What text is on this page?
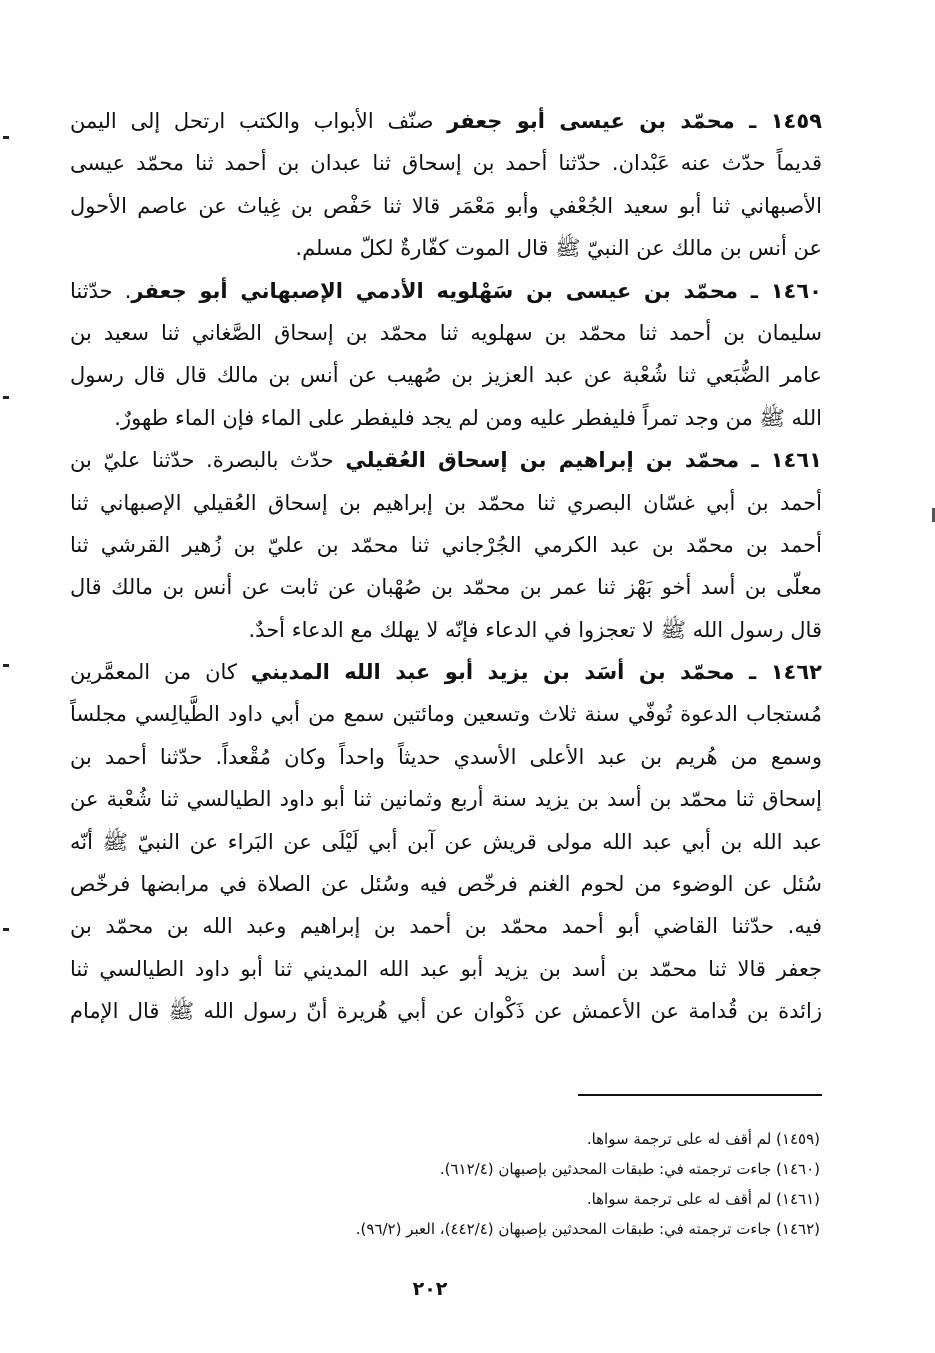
١٤٥٩ ـ محمّد بن عيسى أبو جعفر صنّف الأبواب والكتب ارتحل إلى اليمن
قديماً حدّث عنه عَبْدان. حدّثنا أحمد بن إسحاق ثنا عبدان بن أحمد ثنا محمّد عيسى
الأصبهاني ثنا أبو سعيد الجُعْفي وأبو مَعْمَر قالا ثنا حَفْص بن غِياث عن عاصم الأحول
عن أنس بن مالك عن النبيّ ﷺ قال الموت كفّارةٌ لكلّ مسلم.
١٤٦٠ ـ محمّد بن عيسى بن سَهْلويه الأدمي الإصبهاني أبو جعفر. حدّثنا
سليمان بن أحمد ثنا محمّد بن سهلويه ثنا محمّد بن إسحاق الصَّغاني ثنا سعيد بن
عامر الضُّبَعي ثنا شُعْبة عن عبد العزيز بن صُهيب عن أنس بن مالك قال قال رسول
الله ﷺ من وجد تمراً فليفطر عليه ومن لم يجد فليفطر على الماء فإن الماء طهورٌ.
١٤٦١ ـ محمّد بن إبراهيم بن إسحاق العُقيلي حدّث بالبصرة. حدّثنا عليّ بن
أحمد بن أبي غسّان البصري ثنا محمّد بن إبراهيم بن إسحاق العُقيلي الإصبهاني ثنا
أحمد بن محمّد بن عبد الكرمي الجُرْجاني ثنا محمّد بن عليّ بن زُهير القرشي ثنا
معلّى بن أسد أخو بَهْز ثنا عمر بن محمّد بن صُهْبان عن ثابت عن أنس بن مالك قال
قال رسول الله ﷺ لا تعجزوا في الدعاء فإنّه لا يهلك مع الدعاء أحدٌ.
١٤٦٢ ـ محمّد بن أسَد بن يزيد أبو عبد الله المديني كان من المعمَّرين
مُستجاب الدعوة تُوفّي سنة ثلاث وتسعين ومائتين سمع من أبي داود الطَّيالِسي مجلساً
وسمع من هُريم بن عبد الأعلى الأسدي حديثاً واحداً وكان مُقْعداً. حدّثنا أحمد بن
إسحاق ثنا محمّد بن أسد بن يزيد سنة أربع وثمانين ثنا أبو داود الطيالسي ثنا شُعْبة عن
عبد الله بن أبي عبد الله مولى قريش عن آبن أبي لَيْلَى عن البَراء عن النبيّ ﷺ أنّه
سُئل عن الوضوء من لحوم الغنم فرخّص فيه وسُئل عن الصلاة في مرابضها فرخّص
فيه. حدّثنا القاضي أبو أحمد محمّد بن أحمد بن إبراهيم وعبد الله بن محمّد بن
جعفر قالا ثنا محمّد بن أسد بن يزيد أبو عبد الله المديني ثنا أبو داود الطيالسي ثنا
زائدة بن قُدامة عن الأعمش عن ذَكْوان عن أبي هُريرة أنّ رسول الله ﷺ قال الإمام
(١٤٥٩) لم أقف له على ترجمة سواها.
(١٤٦٠) جاءت ترجمته في: طبقات المحدثين بإصبهان (٦١٢/٤).
(١٤٦١) لم أقف له على ترجمة سواها.
(١٤٦٢) جاءت ترجمته في: طبقات المحدثين بإصبهان (٤٤٢/٤)، العبر (٩٦/٢).
٢٠٢
